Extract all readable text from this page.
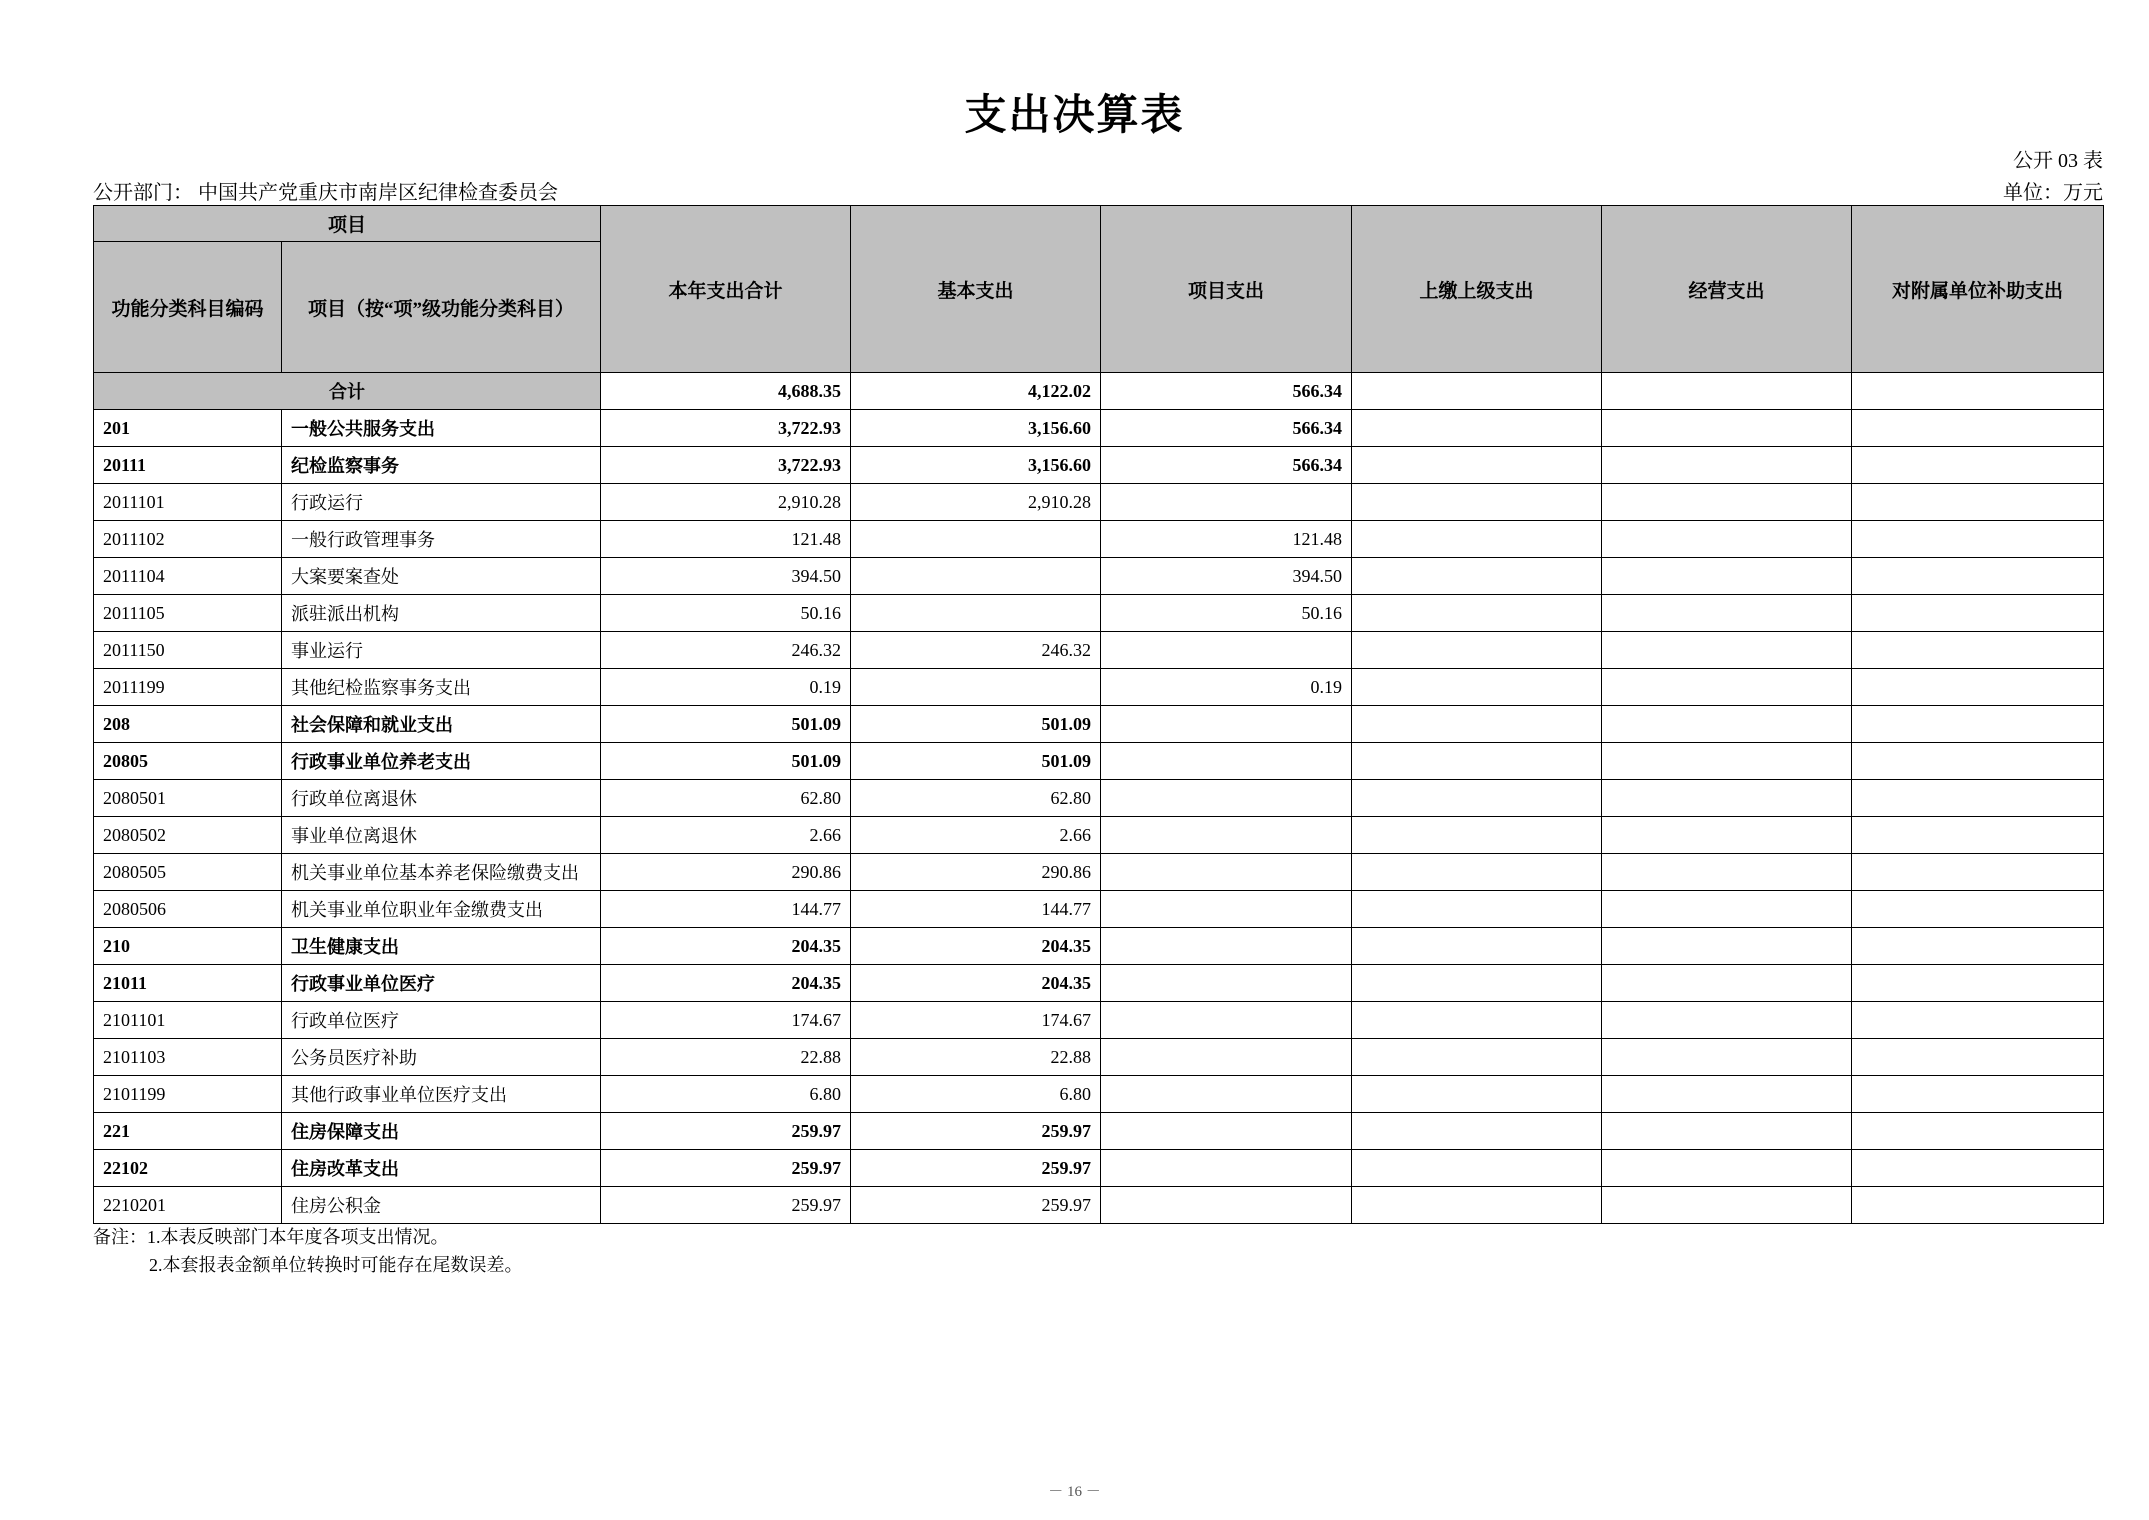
支出决算表
公开 03 表
公开部门： 中国共产党重庆市南岸区纪律检查委员会	单位：万元
项目		本年支出合计	基本支出	项目支出	上缴上级支出	经营支出	对附属单位补助支出
功能分类科目编码	项目（按“项”级功能分类科目）						
合计		4,688.35	4,122.02	566.34			
201	一般公共服务支出	3,722.93	3,156.60	566.34			
20111	纪检监察事务	3,722.93	3,156.60	566.34			
2011101	行政运行	2,910.28	2,910.28				
2011102	一般行政管理事务	121.48		121.48			
2011104	大案要案查处	394.50		394.50			
2011105	派驻派出机构	50.16		50.16			
2011150	事业运行	246.32	246.32				
2011199	其他纪检监察事务支出	0.19		0.19			
208	社会保障和就业支出	501.09	501.09				
20805	行政事业单位养老支出	501.09	501.09				
2080501	行政单位离退休	62.80	62.80				
2080502	事业单位离退休	2.66	2.66				
2080505	机关事业单位基本养老保险缴费支出	290.86	290.86				
2080506	机关事业单位职业年金缴费支出	144.77	144.77				
210	卫生健康支出	204.35	204.35				
21011	行政事业单位医疗	204.35	204.35				
2101101	行政单位医疗	174.67	174.67				
2101103	公务员医疗补助	22.88	22.88				
2101199	其他行政事业单位医疗支出	6.80	6.80				
221	住房保障支出	259.97	259.97				
22102	住房改革支出	259.97	259.97				
2210201	住房公积金	259.97	259.97				
备注：1.本表反映部门本年度各项支出情况。
2.本套报表金额单位转换时可能存在尾数误差。
－ 16 －
